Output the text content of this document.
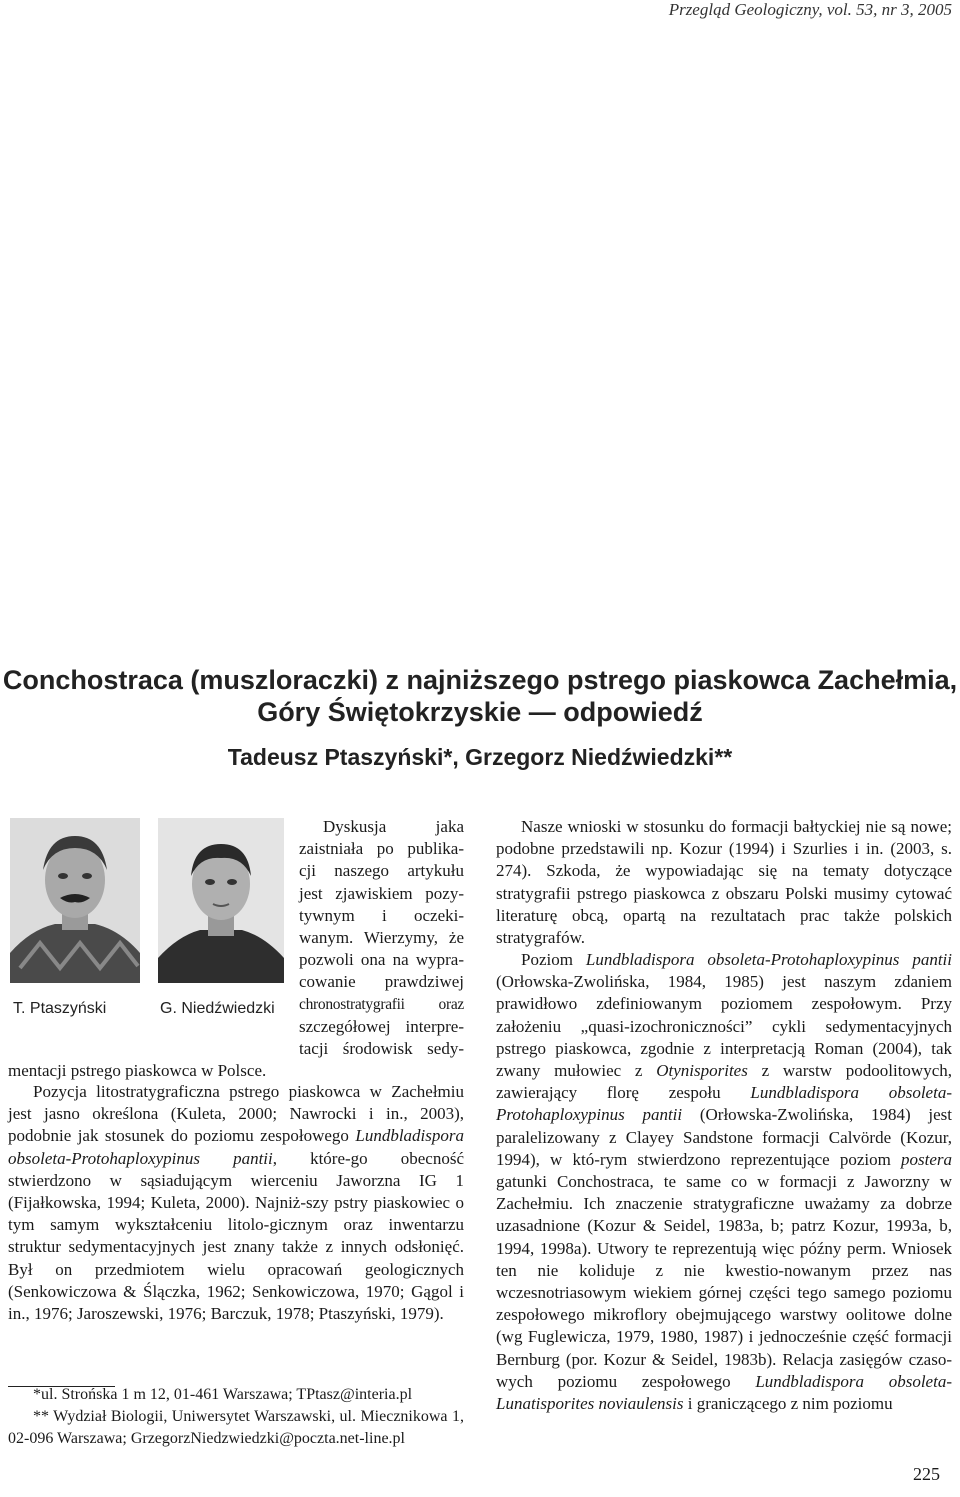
Przegląd Geologiczny, vol. 53, nr 3, 2005
Conchostraca (muszloraczki) z najniższego pstrego piaskowca Zachełmia,
Góry Świętokrzyskie — odpowiedź
Tadeusz Ptaszyński*, Grzegorz Niedźwiedzki**
T. Ptaszyński	G. Niedźwiedzki
Dyskusja jaka
zaistniała po publika-
cji naszego artykułu
jest zjawiskiem pozy-
tywnym i oczeki-
wanym. Wierzymy, że
pozwoli ona na wypra-
cowanie prawdziwej
chronostratygrafii oraz
szczegółowej interpre-
tacji środowisk sedy-
mentacji pstrego piaskowca w Polsce.
Pozycja litostratygraficzna pstrego piaskowca w Zachełmiu jest jasno określona (Kuleta, 2000; Nawrocki i in., 2003), podobnie jak stosunek do poziomu zespołowego Lundbladispora obsoleta-Protohaploxypinus pantii, które-go obecność stwierdzono w sąsiadującym wierceniu Jaworzna IG 1 (Fijałkowska, 1994; Kuleta, 2000). Najniż-szy pstry piaskowiec o tym samym wykształceniu litolo-gicznym oraz inwentarzu struktur sedymentacyjnych jest znany także z innych odsłonięć. Był on przedmiotem wielu opracowań geologicznych (Senkowiczowa & Ślączka, 1962; Senkowiczowa, 1970; Gągol i in., 1976; Jaroszewski, 1976; Barczuk, 1978; Ptaszyński, 1979).
*ul. Strońska 1 m 12, 01-461 Warszawa; TPtasz@interia.pl
** Wydział Biologii, Uniwersytet Warszawski, ul. Miecznikowa 1, 02-096 Warszawa; GrzegorzNiedzwiedzki@poczta.net-line.pl
Nasze wnioski w stosunku do formacji bałtyckiej nie są nowe; podobne przedstawili np. Kozur (1994) i Szurlies i in. (2003, s. 274). Szkoda, że wypowiadając się na tematy dotyczące stratygrafii pstrego piaskowca z obszaru Polski musimy cytować literaturę obcą, opartą na rezultatach prac także polskich stratygrafów.
Poziom Lundbladispora obsoleta-Protohaploxypinus pantii (Orłowska-Zwolińska, 1984, 1985) jest naszym zdaniem prawidłowo zdefiniowanym poziomem zespołowym. Przy założeniu „quasi-izochroniczności” cykli sedymentacyjnych pstrego piaskowca, zgodnie z interpretacją Roman (2004), tak zwany mułowiec z Otynisporites z warstw podoolitowych, zawierający florę zespołu Lundbladispora obsoleta-Protohaploxypinus pantii (Orłowska-Zwolińska, 1984) jest paralelizowany z Clayey Sandstone formacji Calvörde (Kozur, 1994), w któ-rym stwierdzono reprezentujące poziom postera gatunki Conchostraca, te same co w formacji z Jaworzny w Zachełmiu. Ich znaczenie stratygraficzne uważamy za dobrze uzasadnione (Kozur & Seidel, 1983a, b; patrz Kozur, 1993a, b, 1994, 1998a). Utwory te reprezentują więc późny perm. Wniosek ten nie koliduje z nie kwestio-nowanym przez nas wczesnotriasowym wiekiem górnej części tego samego poziomu zespołowego mikroflory obejmującego warstwy oolitowe dolne (wg Fuglewicza, 1979, 1980, 1987) i jednocześnie część formacji Bernburg (por. Kozur & Seidel, 1983b). Relacja zasięgów czaso-wych poziomu zespołowego Lundbladispora obsoleta-Lunatisporites noviaulensis i graniczącego z nim poziomu
225
